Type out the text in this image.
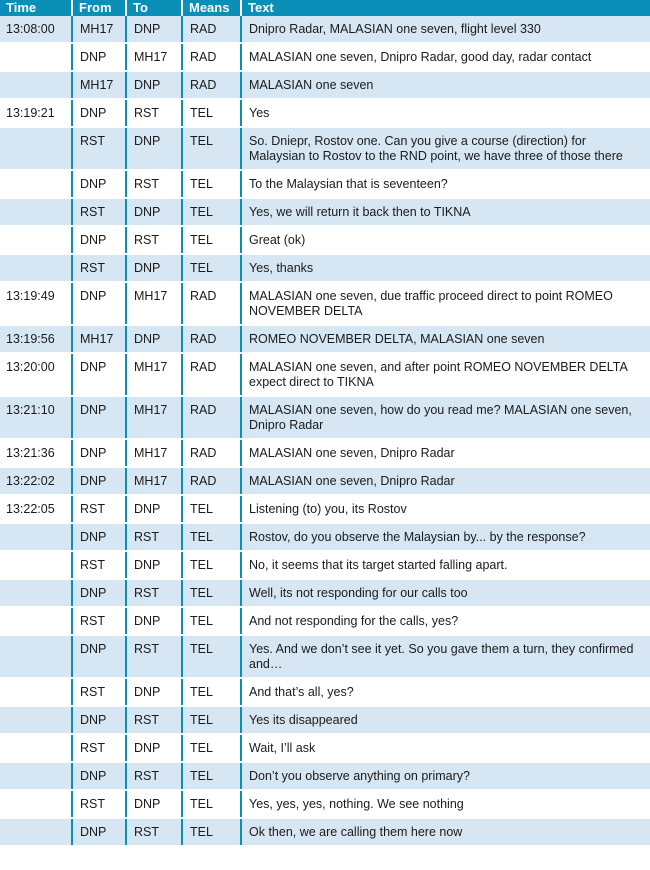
Time	From	To	Means	Text
13:08:00	MH17	DNP	RAD	Dnipro Radar, MALASIAN one seven, flight level 330
	DNP	MH17	RAD	MALASIAN one seven, Dnipro Radar, good day, radar contact
	MH17	DNP	RAD	MALASIAN one seven
13:19:21	DNP	RST	TEL	Yes
	RST	DNP	TEL	So. Dniepr, Rostov one. Can you give a course (direction) for Malaysian to Rostov to the RND point, we have three of those there
	DNP	RST	TEL	To the Malaysian that is seventeen?
	RST	DNP	TEL	Yes, we will return it back then to TIKNA
	DNP	RST	TEL	Great (ok)
	RST	DNP	TEL	Yes, thanks
13:19:49	DNP	MH17	RAD	MALASIAN one seven, due traffic proceed direct to point ROMEO NOVEMBER DELTA
13:19:56	MH17	DNP	RAD	ROMEO NOVEMBER DELTA, MALASIAN one seven
13:20:00	DNP	MH17	RAD	MALASIAN one seven, and after point ROMEO NOVEMBER DELTA expect direct to TIKNA
13:21:10	DNP	MH17	RAD	MALASIAN one seven, how do you read me? MALASIAN one seven, Dnipro Radar
13:21:36	DNP	MH17	RAD	MALASIAN one seven, Dnipro Radar
13:22:02	DNP	MH17	RAD	MALASIAN one seven, Dnipro Radar
13:22:05	RST	DNP	TEL	Listening (to) you, its Rostov
	DNP	RST	TEL	Rostov, do you observe the Malaysian by... by the response?
	RST	DNP	TEL	No, it seems that its target started falling apart.
	DNP	RST	TEL	Well, its not responding for our calls too
	RST	DNP	TEL	And not responding for the calls, yes?
	DNP	RST	TEL	Yes. And we don’t see it yet. So you gave them a turn, they confirmed and…
	RST	DNP	TEL	And that’s all, yes?
	DNP	RST	TEL	Yes its disappeared
	RST	DNP	TEL	Wait, I’ll ask
	DNP	RST	TEL	Don’t you observe anything on primary?
	RST	DNP	TEL	Yes, yes, yes, nothing. We see nothing
	DNP	RST	TEL	Ok then, we are calling them here now
